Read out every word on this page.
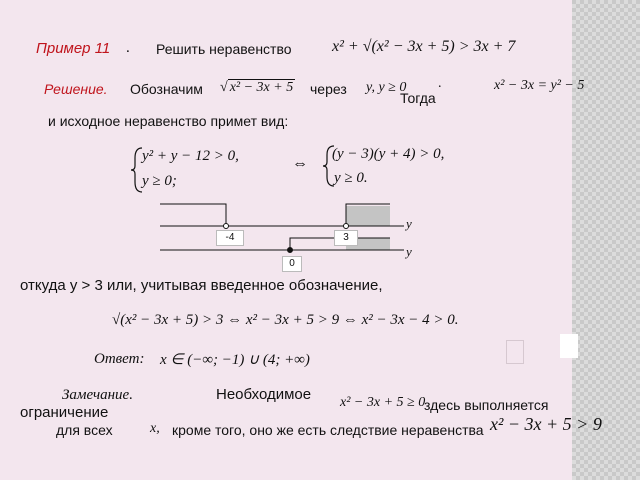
Пример 11 . Решить неравенство	x² + √(x² − 3x + 5) > 3x + 7
Решение. Обозначим √ x² − 3x + 5 через y, y ≥ 0 .
Тогда
x² − 3x = y² − 5
и исходное неравенство примет вид:
y² + y − 12 > 0,
y ≥ 0;
⇔
(y − 3)(y + 4) > 0,
y ≥ 0.
y
y
-4	3
0
откуда y > 3 или, учитывая введенное обозначение,
√(x² − 3x + 5) > 3 ⇔ x² − 3x + 5 > 9 ⇔ x² − 3x − 4 > 0.
Ответ: x ∈ (−∞; −1) ∪ (4; +∞)
Замечание.	Необходимое x² − 3x + 5 ≥ 0
здесь выполняется
ограничение
для всех	x, кроме того, оно же есть следствие неравенства x² − 3x + 5 > 9
